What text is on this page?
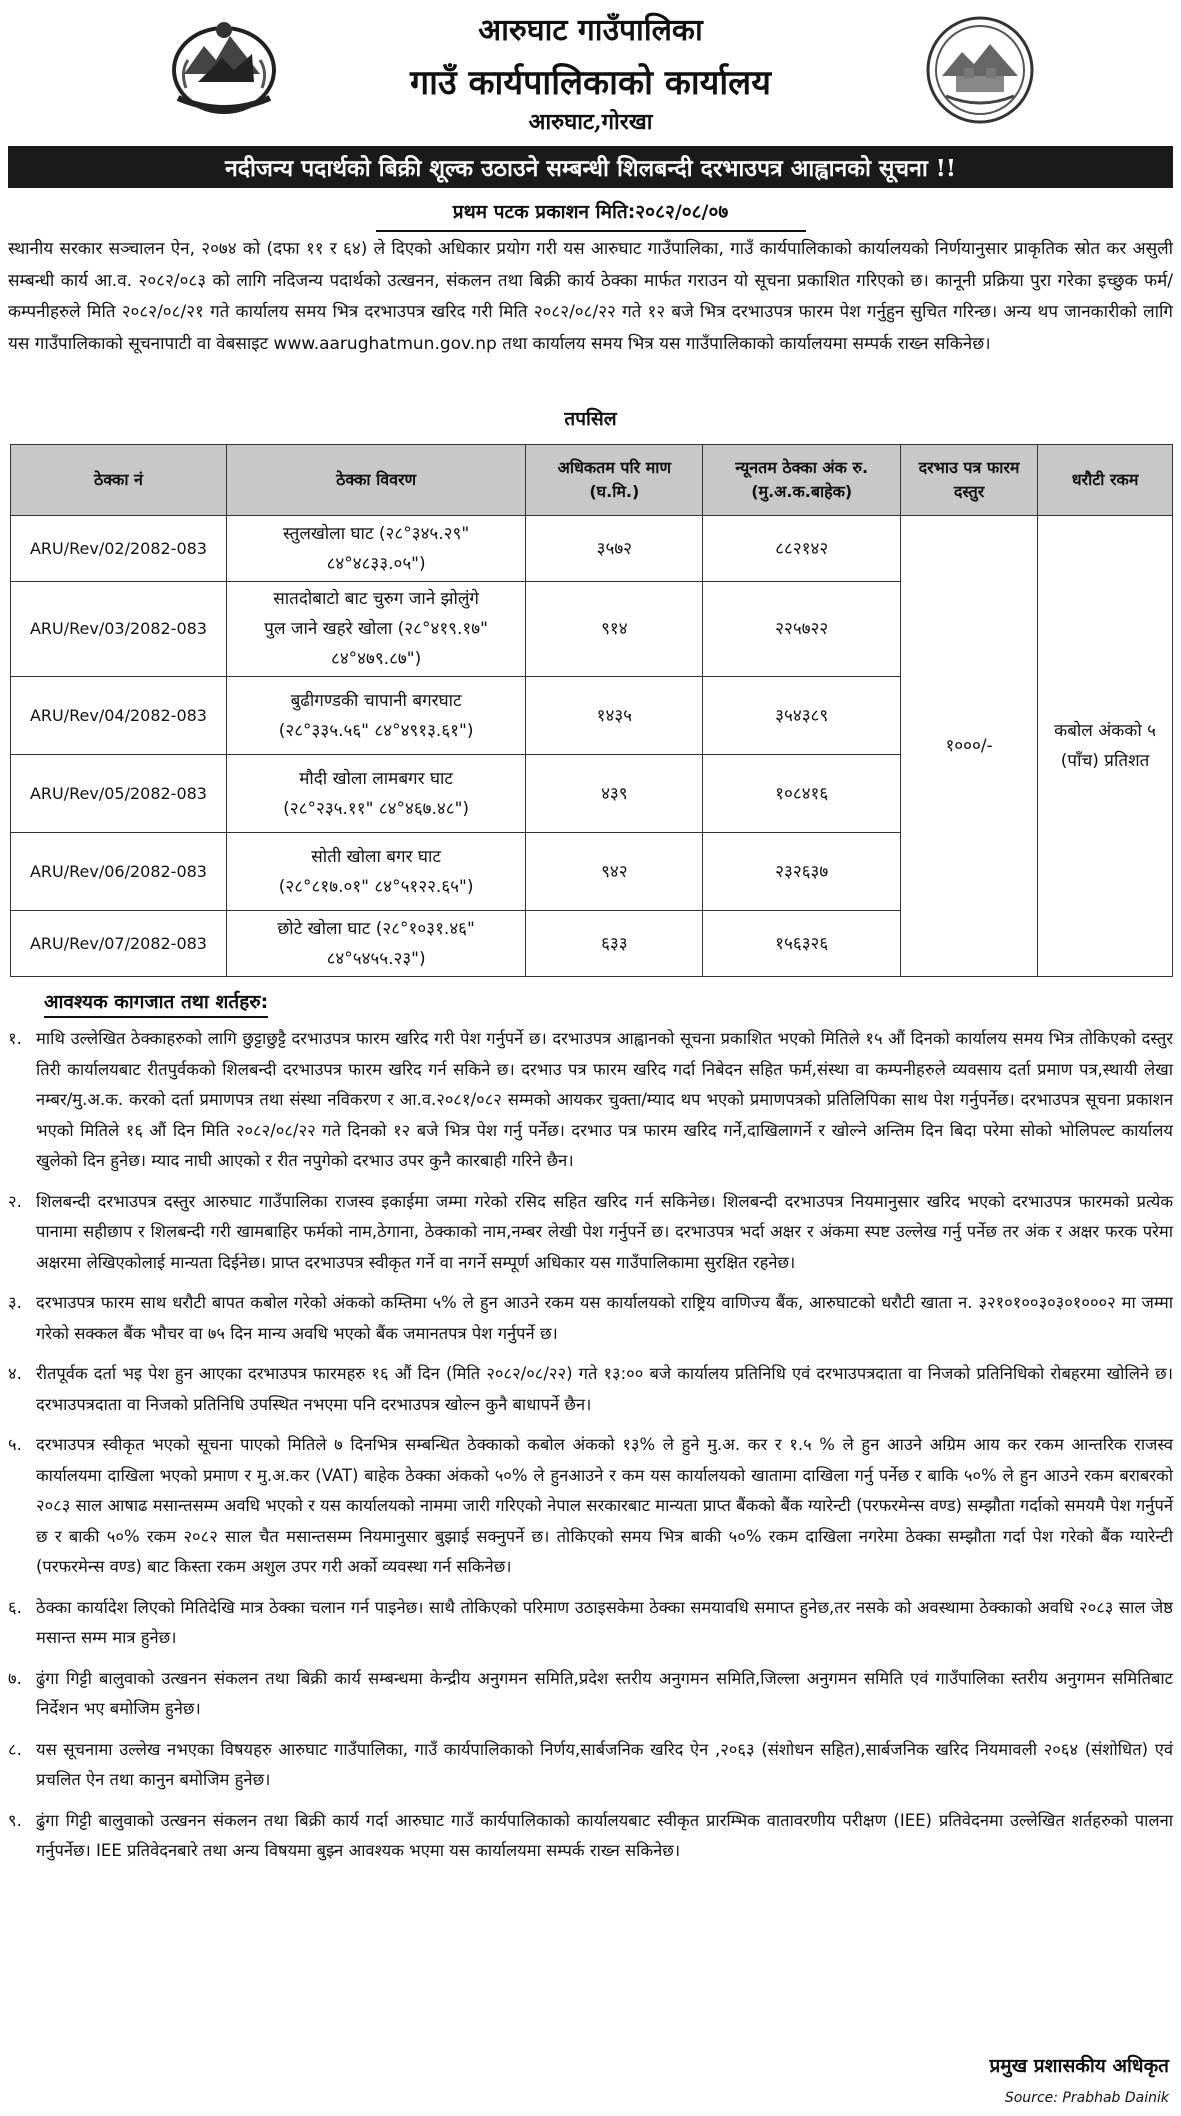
आरुघाट गाउँपालिका
गाउँ कार्यपालिकाको कार्यालय
आरुघाट,गोरखा
नदीजन्य पदार्थको बिक्री शूल्क उठाउने सम्बन्धी शिलबन्दी दरभाउपत्र आह्वानको सूचना !!
प्रथम पटक प्रकाशन मिति:२०८२/०८/०७
स्थानीय सरकार सञ्चालन ऐन, २०७४ को (दफा ११ र ६४) ले दिएको अधिकार प्रयोग गरी यस आरुघाट गाउँपालिका, गाउँ कार्यपालिकाको कार्यालयको निर्णयानुसार प्राकृतिक स्रोत कर असुली सम्बन्धी कार्य आ.व. २०८२/०८३ को लागि नदिजन्य पदार्थको उत्खनन, संकलन तथा बिक्री कार्य ठेक्का मार्फत गराउन यो सूचना प्रकाशित गरिएको छ। कानूनी प्रक्रिया पुरा गरेका इच्छुक फर्म/कम्पनीहरुले मिति २०८२/०८/२१ गते कार्यालय समय भित्र दरभाउपत्र खरिद गरी मिति २०८२/०८/२२ गते १२ बजे भित्र दरभाउपत्र फारम पेश गर्नुहुन सुचित गरिन्छ। अन्य थप जानकारीको लागि यस गाउँपालिकाको सूचनापाटी वा वेबसाइट www.aarughatmun.gov.np तथा कार्यालय समय भित्र यस गाउँपालिकाको कार्यालयमा सम्पर्क राख्न सकिनेछ।
तपसिल
ठेक्का नं	ठेक्का विवरण	अधिकतम परि माण (घ.मि.)	न्यूनतम ठेक्का अंक रु. (मु.अ.क.बाहेक)	दरभाउ पत्र फारम दस्तुर	धरौटी रकम
ARU/Rev/02/2082-083	स्तुलखोला घाट (२८°३४५.२९"
८४°४८३३.०५")	३५७२	८८२१४२	१०००/-	कबोल अंकको ५ (पाँच) प्रतिशत
ARU/Rev/03/2082-083	सातदोबाटो बाट चुरुग जाने झोलुंगे
पुल जाने खहरे खोला (२८°४१९.१७"
८४°४७९.८७")	९१४	२२५७२२		
ARU/Rev/04/2082-083	बुढीगण्डकी चापानी बगरघाट
(२८°३३५.५६" ८४°४९१३.६१")	१४३५	३५४३८९		
ARU/Rev/05/2082-083	मौदी खोला लामबगर घाट
(२८°२३५.११" ८४°४६७.४८")	४३९	१०८४१६		
ARU/Rev/06/2082-083	सोती खोला बगर घाट
(२८°८१७.०१" ८४°५१२२.६५")	९४२	२३२६३७		
ARU/Rev/07/2082-083	छोटे खोला घाट (२८°१०३१.४६"
८४°५४५५.२३")	६३३	१५६३२६		
आवश्यक कागजात तथा शर्तहरु:
१. माथि उल्लेखित ठेक्काहरुको लागि छुट्टाछुट्टै दरभाउपत्र फारम खरिद गरी पेश गर्नुपर्ने छ। दरभाउपत्र आह्वानको सूचना प्रकाशित भएको मितिले १५ औं दिनको कार्यालय समय भित्र तोकिएको दस्तुर तिरी कार्यालयबाट रीतपुर्वकको शिलबन्दी दरभाउपत्र फारम खरिद गर्न सकिने छ। दरभाउ पत्र फारम खरिद गर्दा निबेदन सहित फर्म,संस्था वा कम्पनीहरुले व्यवसाय दर्ता प्रमाण पत्र,स्थायी लेखा नम्बर/मु.अ.क. करको दर्ता प्रमाणपत्र तथा संस्था नविकरण र आ.व.२०८१/०८२ सम्मको आयकर चुक्ता/म्याद थप भएको प्रमाणपत्रको प्रतिलिपिका साथ पेश गर्नुपर्नेछ। दरभाउपत्र सूचना प्रकाशन भएको मितिले १६ औं दिन मिति २०८२/०८/२२ गते दिनको १२ बजे भित्र पेश गर्नु पर्नेछ। दरभाउ पत्र फारम खरिद गर्ने,दाखिलागर्ने र खोल्ने अन्तिम दिन बिदा परेमा सोको भोलिपल्ट कार्यालय खुलेको दिन हुनेछ। म्याद नाघी आएको र रीत नपुगेको दरभाउ उपर कुनै कारबाही गरिने छैन।
२. शिलबन्दी दरभाउपत्र दस्तुर आरुघाट गाउँपालिका राजस्व इकाईमा जम्मा गरेको रसिद सहित खरिद गर्न सकिनेछ। शिलबन्दी दरभाउपत्र नियमानुसार खरिद भएको दरभाउपत्र फारमको प्रत्येक पानामा सहीछाप र शिलबन्दी गरी खामबाहिर फर्मको नाम,ठेगाना, ठेक्काको नाम,नम्बर लेखी पेश गर्नुपर्ने छ। दरभाउपत्र भर्दा अक्षर र अंकमा स्पष्ट उल्लेख गर्नु पर्नेछ तर अंक र अक्षर फरक परेमा अक्षरमा लेखिएकोलाई मान्यता दिईनेछ। प्राप्त दरभाउपत्र स्वीकृत गर्ने वा नगर्ने सम्पूर्ण अधिकार यस गाउँपालिकामा सुरक्षित रहनेछ।
३. दरभाउपत्र फारम साथ धरौटी बापत कबोल गरेको अंकको कम्तिमा ५% ले हुन आउने रकम यस कार्यालयको राष्ट्रिय वाणिज्य बैंक, आरुघाटको धरौटी खाता न. ३२१०१००३०३०१०००२ मा जम्मा गरेको सक्कल बैंक भौचर वा ७५ दिन मान्य अवधि भएको बैंक जमानतपत्र पेश गर्नुपर्ने छ।
४. रीतपूर्वक दर्ता भइ पेश हुन आएका दरभाउपत्र फारमहरु १६ औं दिन (मिति २०८२/०८/२२) गते १३:०० बजे कार्यालय प्रतिनिधि एवं दरभाउपत्रदाता वा निजको प्रतिनिधिको रोबहरमा खोलिने छ। दरभाउपत्रदाता वा निजको प्रतिनिधि उपस्थित नभएमा पनि दरभाउपत्र खोल्न कुनै बाधापर्ने छैन।
५. दरभाउपत्र स्वीकृत भएको सूचना पाएको मितिले ७ दिनभित्र सम्बन्धित ठेक्काको कबोल अंकको १३% ले हुने मु.अ. कर र १.५ % ले हुन आउने अग्रिम आय कर रकम आन्तरिक राजस्व कार्यालयमा दाखिला भएको प्रमाण र मु.अ.कर (VAT) बाहेक ठेक्का अंकको ५०% ले हुनआउने र कम यस कार्यालयको खातामा दाखिला गर्नु पर्नेछ र बाकि ५०% ले हुन आउने रकम बराबरको २०८३ साल आषाढ मसान्तसम्म अवधि भएको र यस कार्यालयको नाममा जारी गरिएको नेपाल सरकारबाट मान्यता प्राप्त बैंकको बैंक ग्यारेन्टी (परफरमेन्स वण्ड) सम्झौता गर्दाको समयमै पेश गर्नुपर्ने छ र बाकी ५०% रकम २०८२ साल चैत मसान्तसम्म नियमानुसार बुझाई सक्नुपर्ने छ। तोकिएको समय भित्र बाकी ५०% रकम दाखिला नगरेमा ठेक्का सम्झौता गर्दा पेश गरेको बैंक ग्यारेन्टी (परफरमेन्स वण्ड) बाट किस्ता रकम अशुल उपर गरी अर्को व्यवस्था गर्न सकिनेछ।
६. ठेक्का कार्यादेश लिएको मितिदेखि मात्र ठेक्का चलान गर्न पाइनेछ। साथै तोकिएको परिमाण उठाइसकेमा ठेक्का समयावधि समाप्त हुनेछ,तर नसके को अवस्थामा ठेक्काको अवधि २०८३ साल जेष्ठ मसान्त सम्म मात्र हुनेछ।
७. ढुंगा गिट्टी बालुवाको उत्खनन संकलन तथा बिक्री कार्य सम्बन्धमा केन्द्रीय अनुगमन समिति,प्रदेश स्तरीय अनुगमन समिति,जिल्ला अनुगमन समिति एवं गाउँपालिका स्तरीय अनुगमन समितिबाट निर्देशन भए बमोजिम हुनेछ।
८. यस सूचनामा उल्लेख नभएका विषयहरु आरुघाट गाउँपालिका, गाउँ कार्यपालिकाको निर्णय,सार्बजनिक खरिद ऐन ,२०६३ (संशोधन सहित),सार्बजनिक खरिद नियमावली २०६४ (संशोधित) एवं प्रचलित ऐन तथा कानुन बमोजिम हुनेछ।
९. ढुंगा गिट्टी बालुवाको उत्खनन संकलन तथा बिक्री कार्य गर्दा आरुघाट गाउँ कार्यपालिकाको कार्यालयबाट स्वीकृत प्रारम्भिक वातावरणीय परीक्षण (IEE) प्रतिवेदनमा उल्लेखित शर्तहरुको पालना गर्नुपर्नेछ। IEE प्रतिवेदनबारे तथा अन्य विषयमा बुझ्न आवश्यक भएमा यस कार्यालयमा सम्पर्क राख्न सकिनेछ।
प्रमुख प्रशासकीय अधिकृत
Source: Prabhab Dainik
